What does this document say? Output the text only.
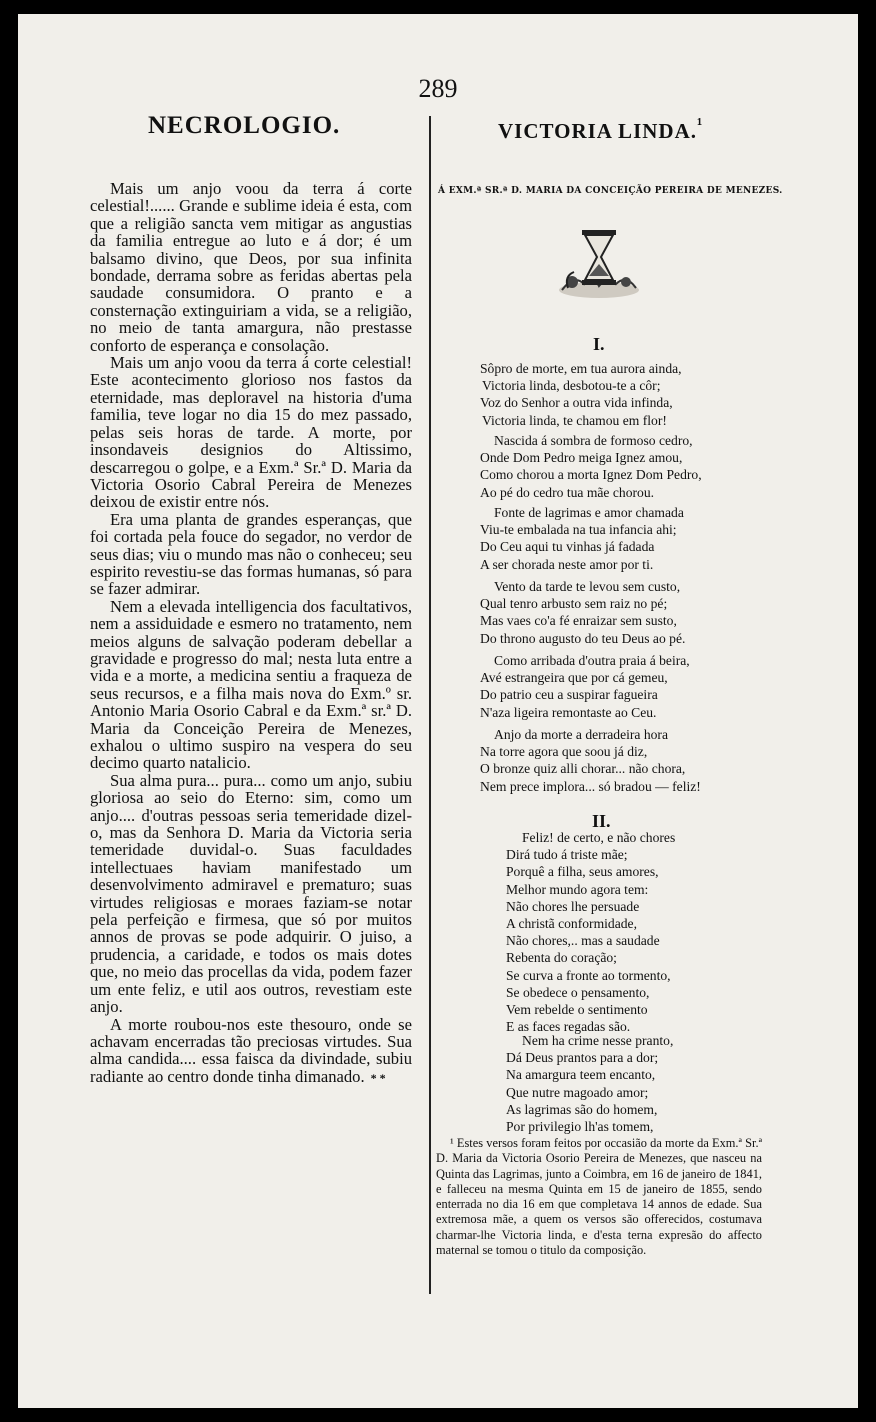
289
NECROLOGIO.

Mais um anjo voou da terra á corte celestial!...... Grande e sublime ideia é esta, com que a religião sancta vem mitigar as angustias da familia entregue ao luto e á dor; é um balsamo divino, que Deos, por sua infinita bondade, derrama sobre as feridas abertas pela saudade consumidora. O pranto e a consternação extinguiriam a vida, se a religião, no meio de tanta amargura, não prestasse conforto de esperança e consolação.

Mais um anjo voou da terra á corte celestial! Este acontecimento glorioso nos fastos da eternidade, mas deploravel na historia d'uma familia, teve logar no dia 15 do mez passado, pelas seis horas de tarde. A morte, por insondaveis designios do Altissimo, descarregou o golpe, e a Exm.ª Sr.ª D. Maria da Victoria Osorio Cabral Pereira de Menezes deixou de existir entre nós.

Era uma planta de grandes esperanças, que foi cortada pela fouce do segador, no verdor de seus dias; viu o mundo mas não o conheceu; seu espirito revestiu-se das formas humanas, só para se fazer admirar.

Nem a elevada intelligencia dos facultativos, nem a assiduidade e esmero no tratamento, nem meios alguns de salvação poderam debellar a gravidade e progresso do mal; nesta luta entre a vida e a morte, a medicina sentiu a fraqueza de seus recursos, e a filha mais nova do Exm.º sr. Antonio Maria Osorio Cabral e da Exm.ª sr.ª D. Maria da Conceição Pereira de Menezes, exhalou o ultimo suspiro na vespera do seu decimo quarto natalicio.

Sua alma pura... pura... como um anjo, subiu gloriosa ao seio do Eterno: sim, como um anjo.... d'outras pessoas seria temeridade dizel-o, mas da Senhora D. Maria da Victoria seria temeridade duvidal-o. Suas faculdades intellectuaes haviam manifestado um desenvolvimento admiravel e prematuro; suas virtudes religiosas e moraes faziam-se notar pela perfeição e firmesa, que só por muitos annos de provas se pode adquirir. O juiso, a prudencia, a caridade, e todos os mais dotes que, no meio das procellas da vida, podem fazer um ente feliz, e util aos outros, revestiam este anjo.

A morte roubou-nos este thesouro, onde se achavam encerradas tão preciosas virtudes. Sua alma candida.... essa faisca da divindade, subiu radiante ao centro donde tinha dimanado. * *

VICTORIA LINDA.$^{^1}$
Á EXM.ª SR.ª D. MARIA DA CONCEIÇÃO PEREIRA DE MENEZES.
I.
II.
Sôpro de morte, em tua aurora ainda,
Victoria linda, desbotou-te a côr;
Voz do Senhor a outra vida infinda,
Victoria linda, te chamou em flor!
Nascida á sombra de formoso cedro,
Onde Dom Pedro meiga Ignez amou,
Como chorou a morta Ignez Dom Pedro,
Ao pé do cedro tua mãe chorou.
Fonte de lagrimas e amor chamada
Viu-te embalada na tua infancia ahi;
Do Ceu aqui tu vinhas já fadada
A ser chorada neste amor por ti.
Vento da tarde te levou sem custo,
Qual tenro arbusto sem raiz no pé;
Mas vaes co'a fé enraizar sem susto,
Do throno augusto do teu Deus ao pé.
Como arribada d'outra praia á beira,
Avé estrangeira que por cá gemeu,
Do patrio ceu a suspirar fagueira
N'aza ligeira remontaste ao Ceu.
Anjo da morte a derradeira hora
Na torre agora que soou já diz,
O bronze quiz alli chorar... não chora,
Nem prece implora... só bradou — feliz!
Feliz! de certo, e não chores
Dirá tudo á triste mãe;
Porquê a filha, seus amores,
Melhor mundo agora tem:
Não chores lhe persuade
A christã conformidade,
Não chores,.. mas a saudade
Rebenta do coração;
Se curva a fronte ao tormento,
Se obedece o pensamento,
Vem rebelde o sentimento
E as faces regadas são.
Nem ha crime nesse pranto,
Dá Deus prantos para a dor;
Na amargura teem encanto,
Que nutre magoado amor;
As lagrimas são do homem,
Por privilegio lh'as tomem,

¹ Estes versos foram feitos por occasião da morte da Exm.ª Sr.ª D. Maria da Victoria Osorio Pereira de Menezes, que nasceu na Quinta das Lagrimas, junto a Coimbra, em 16 de janeiro de 1841, e falleceu na mesma Quinta em 15 de janeiro de 1855, sendo enterrada no dia 16 em que completava 14 annos de edade. Sua extremosa mãe, a quem os versos são offerecidos, costumava charmar-lhe Victoria linda, e d'esta terna expresão do affecto maternal se tomou o titulo da composição.
